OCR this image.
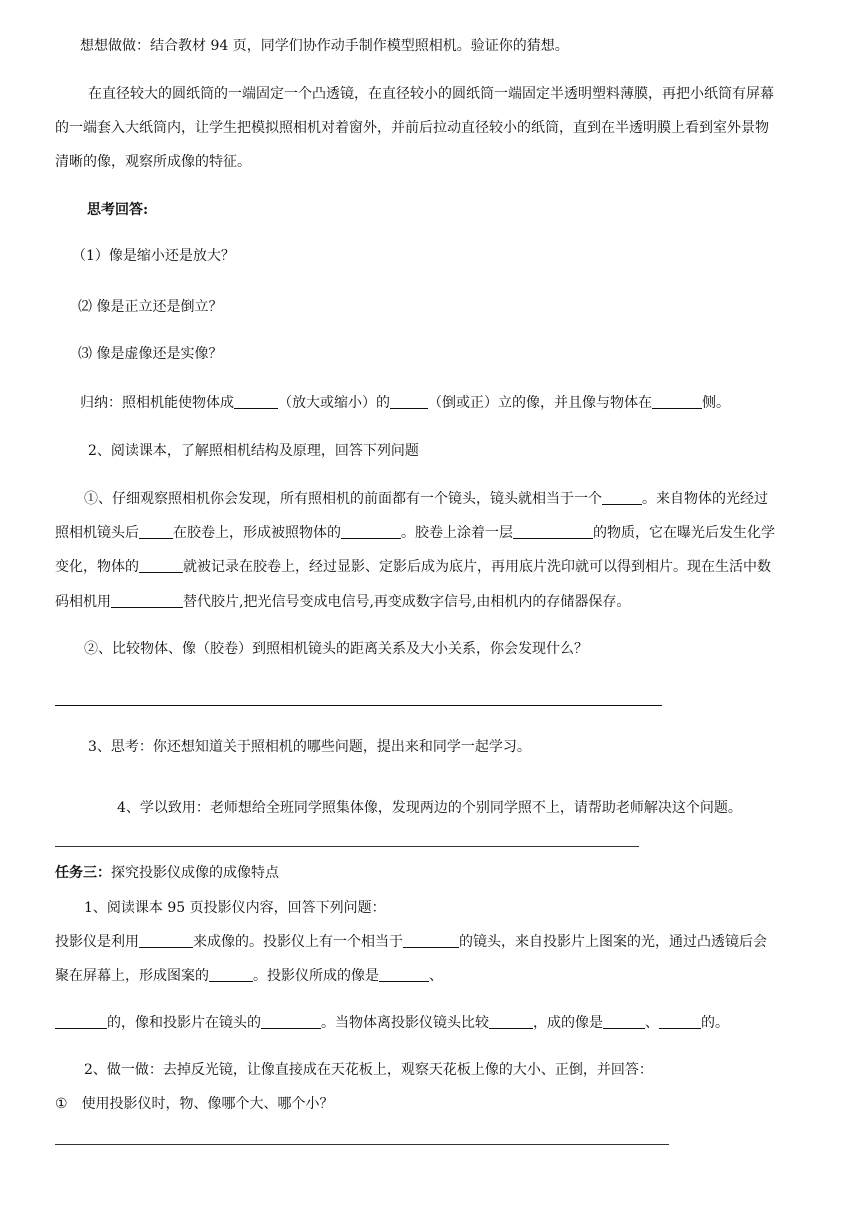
想想做做：结合教材 94 页，同学们协作动手制作模型照相机。验证你的猜想。
在直径较大的圆纸筒的一端固定一个凸透镜，在直径较小的圆纸筒一端固定半透明塑料薄膜，再把小纸筒有屏幕
的一端套入大纸筒内，让学生把模拟照相机对着窗外，并前后拉动直径较小的纸筒，直到在半透明膜上看到室外景物
清晰的像，观察所成像的特征。
思考回答:
（1）像是缩小还是放大？
⑵ 像是正立还是倒立？
⑶ 像是虚像还是实像？
归纳：照相机能使物体成	（放大或缩小）的	（倒或正）立的像，并且像与物体在	侧。
2、阅读课本，了解照相机结构及原理，回答下列问题
①、仔细观察照相机你会发现，所有照相机的前面都有一个镜头，镜头就相当于一个	。来自物体的光经过
照相机镜头后 在胶卷上，形成被照物体的	。胶卷上涂着一层	的物质，它在曝光后发生化学
变化，物体的	就被记录在胶卷上，经过显影、定影后成为底片，再用底片洗印就可以得到相片。现在生活中数
码相机用	替代胶片,把光信号变成电信号,再变成数字信号,由相机内的存储器保存。
②、比较物体、像（胶卷）到照相机镜头的距离关系及大小关系，你会发现什么？
3、思考：你还想知道关于照相机的哪些问题，提出来和同学一起学习。
4、学以致用：老师想给全班同学照集体像，发现两边的个别同学照不上，请帮助老师解决这个问题。
任务三：探究投影仪成像的成像特点
1、阅读课本 95 页投影仪内容，回答下列问题：
投影仪是利用	来成像的。投影仪上有一个相当于	的镜头，来自投影片上图案的光，通过凸透镜后会
聚在屏幕上，形成图案的	。投影仪所成的像是	、
的，像和投影片在镜头的	。当物体离投影仪镜头比较	，成的像是	、	的。
2、做一做：去掉反光镜，让像直接成在天花板上，观察天花板上像的大小、正倒，并回答：
① 使用投影仪时，物、像哪个大、哪个小？
